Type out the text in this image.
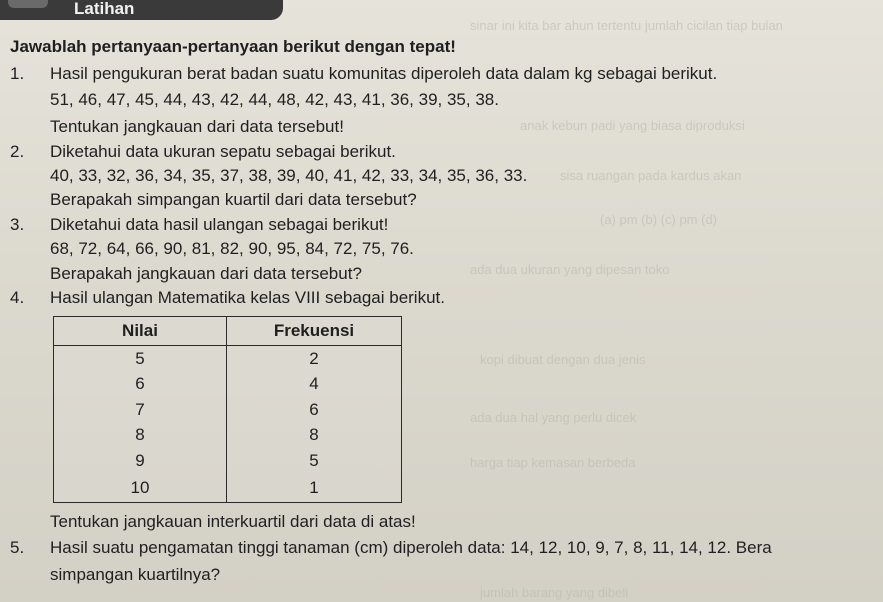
sinar ini kita bar ahun tertentu jumlah cicilan tiap bulan
anak kebun padi yang biasa diproduksi
sisa ruangan pada kardus akan
(a) pm (b) (c) pm (d)
ada dua ukuran yang dipesan toko
kopi dibuat dengan dua jenis
ada dua hal yang perlu dicek
harga tiap kemasan berbeda
jumlah barang yang dibeli
Latihan
Jawablah pertanyaan-pertanyaan berikut dengan tepat!
1. Hasil pengukuran berat badan suatu komunitas diperoleh data dalam kg sebagai berikut.
51, 46, 47, 45, 44, 43, 42, 44, 48, 42, 43, 41, 36, 39, 35, 38.
Tentukan jangkauan dari data tersebut!
2. Diketahui data ukuran sepatu sebagai berikut.
40, 33, 32, 36, 34, 35, 37, 38, 39, 40, 41, 42, 33, 34, 35, 36, 33.
Berapakah simpangan kuartil dari data tersebut?
3. Diketahui data hasil ulangan sebagai berikut!
68, 72, 64, 66, 90, 81, 82, 90, 95, 84, 72, 75, 76.
Berapakah jangkauan dari data tersebut?
4. Hasil ulangan Matematika kelas VIII sebagai berikut.
Nilai	Frekuensi
5	2
6	4
7	6
8	8
9	5
10	1
Tentukan jangkauan interkuartil dari data di atas!
5. Hasil suatu pengamatan tinggi tanaman (cm) diperoleh data: 14, 12, 10, 9, 7, 8, 11, 14, 12. Bera
simpangan kuartilnya?
